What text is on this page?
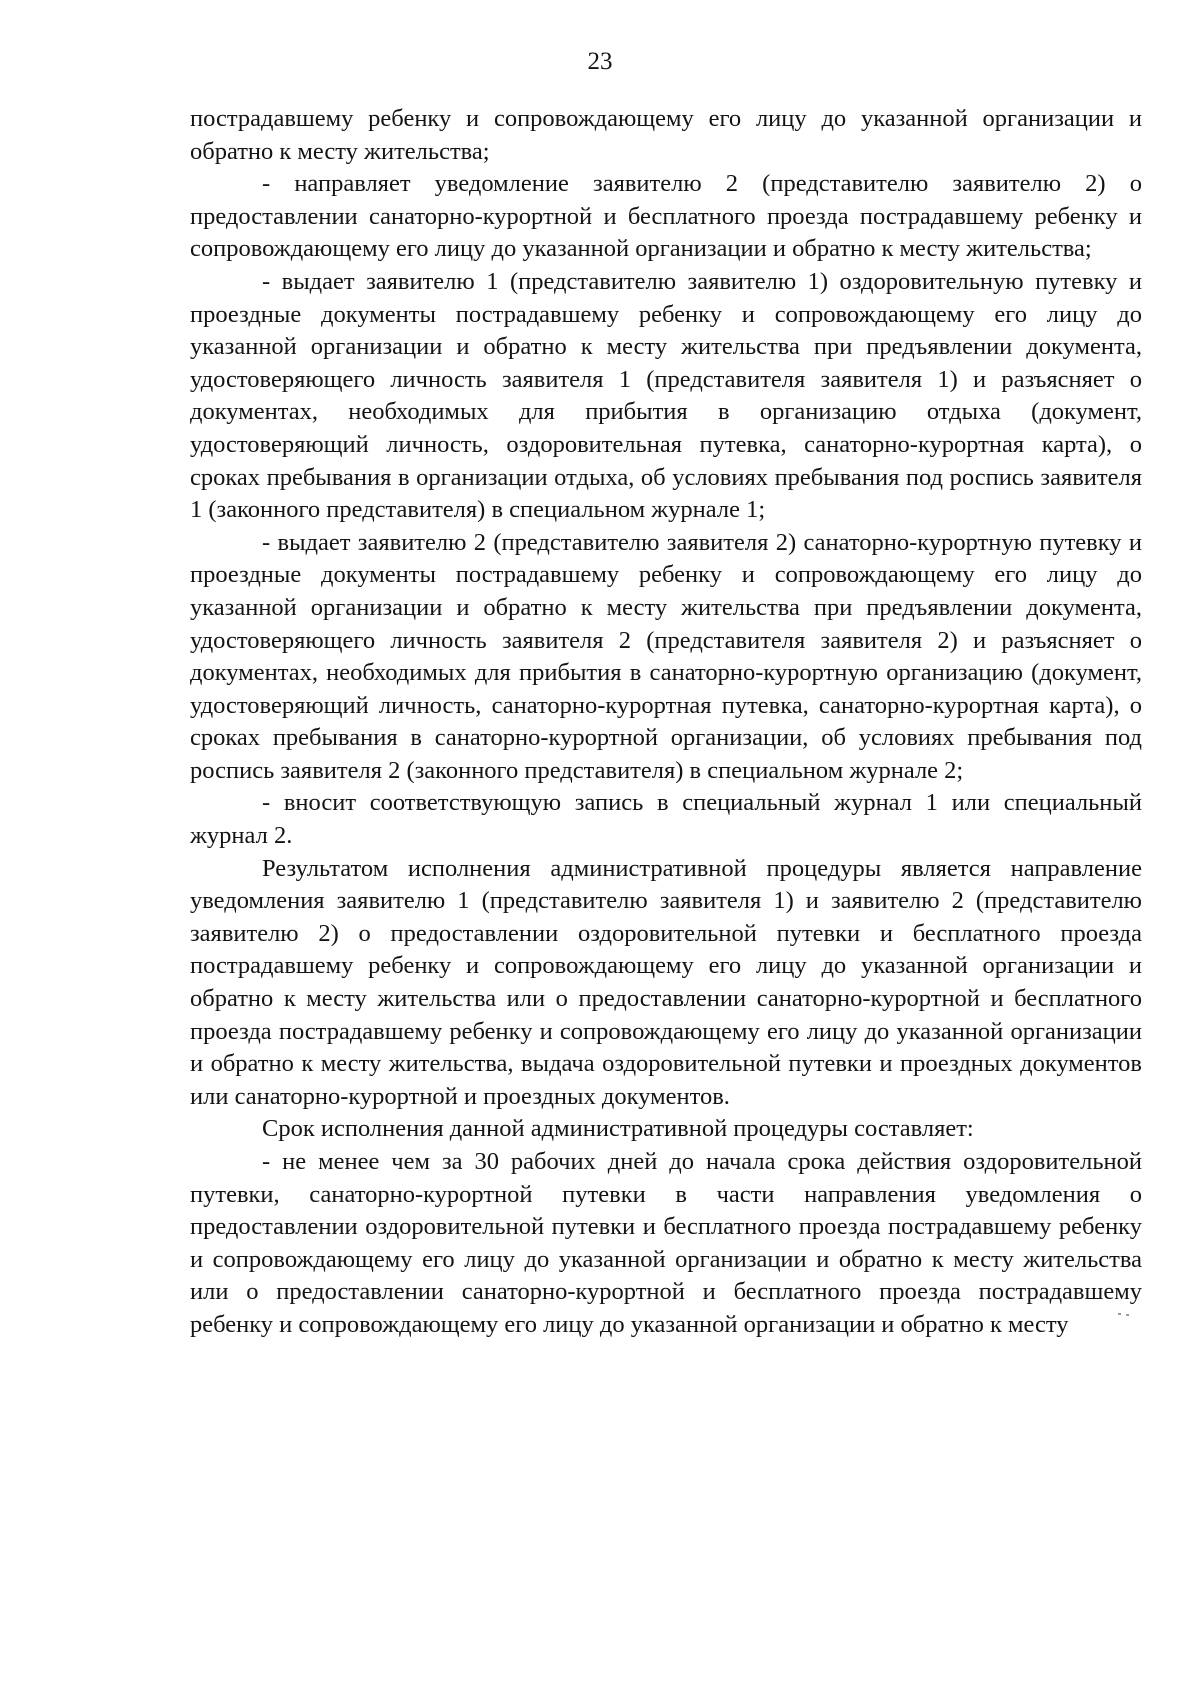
23

пострадавшему ребенку и сопровождающему его лицу до указанной организации и обратно к месту жительства;

- направляет уведомление заявителю 2 (представителю заявителю 2) о предоставлении санаторно-курортной и бесплатного проезда пострадавшему ребенку и сопровождающему его лицу до указанной организации и обратно к месту жительства;

- выдает заявителю 1 (представителю заявителю 1) оздоровительную путевку и проездные документы пострадавшему ребенку и сопровождающему его лицу до указанной организации и обратно к месту жительства при предъявлении документа, удостоверяющего личность заявителя 1 (представителя заявителя 1) и разъясняет о документах, необходимых для прибытия в организацию отдыха (документ, удостоверяющий личность, оздоровительная путевка, санаторно-курортная карта), о сроках пребывания в организации отдыха, об условиях пребывания под роспись заявителя 1 (законного представителя) в специальном журнале 1;

- выдает заявителю 2 (представителю заявителя 2) санаторно-курортную путевку и проездные документы пострадавшему ребенку и сопровождающему его лицу до указанной организации и обратно к месту жительства при предъявлении документа, удостоверяющего личность заявителя 2 (представителя заявителя 2) и разъясняет о документах, необходимых для прибытия в санаторно-курортную организацию (документ, удостоверяющий личность, санаторно-курортная путевка, санаторно-курортная карта), о сроках пребывания в санаторно-курортной организации, об условиях пребывания под роспись заявителя 2 (законного представителя) в специальном журнале 2;

- вносит соответствующую запись в специальный журнал 1 или специальный журнал 2.

Результатом исполнения административной процедуры является направление уведомления заявителю 1 (представителю заявителя 1) и заявителю 2 (представителю заявителю 2) о предоставлении оздоровительной путевки и бесплатного проезда пострадавшему ребенку и сопровождающему его лицу до указанной организации и обратно к месту жительства или о предоставлении санаторно-курортной и бесплатного проезда пострадавшему ребенку и сопровождающему его лицу до указанной организации и обратно к месту жительства, выдача оздоровительной путевки и проездных документов или санаторно-курортной и проездных документов.

Срок исполнения данной административной процедуры составляет:

- не менее чем за 30 рабочих дней до начала срока действия оздоровительной путевки, санаторно-курортной путевки в части направления уведомления о предоставлении оздоровительной путевки и бесплатного проезда пострадавшему ребенку и сопровождающему его лицу до указанной организации и обратно к месту жительства или о предоставлении санаторно-курортной и бесплатного проезда пострадавшему ребенку и сопровождающему его лицу до указанной организации и обратно к месту
